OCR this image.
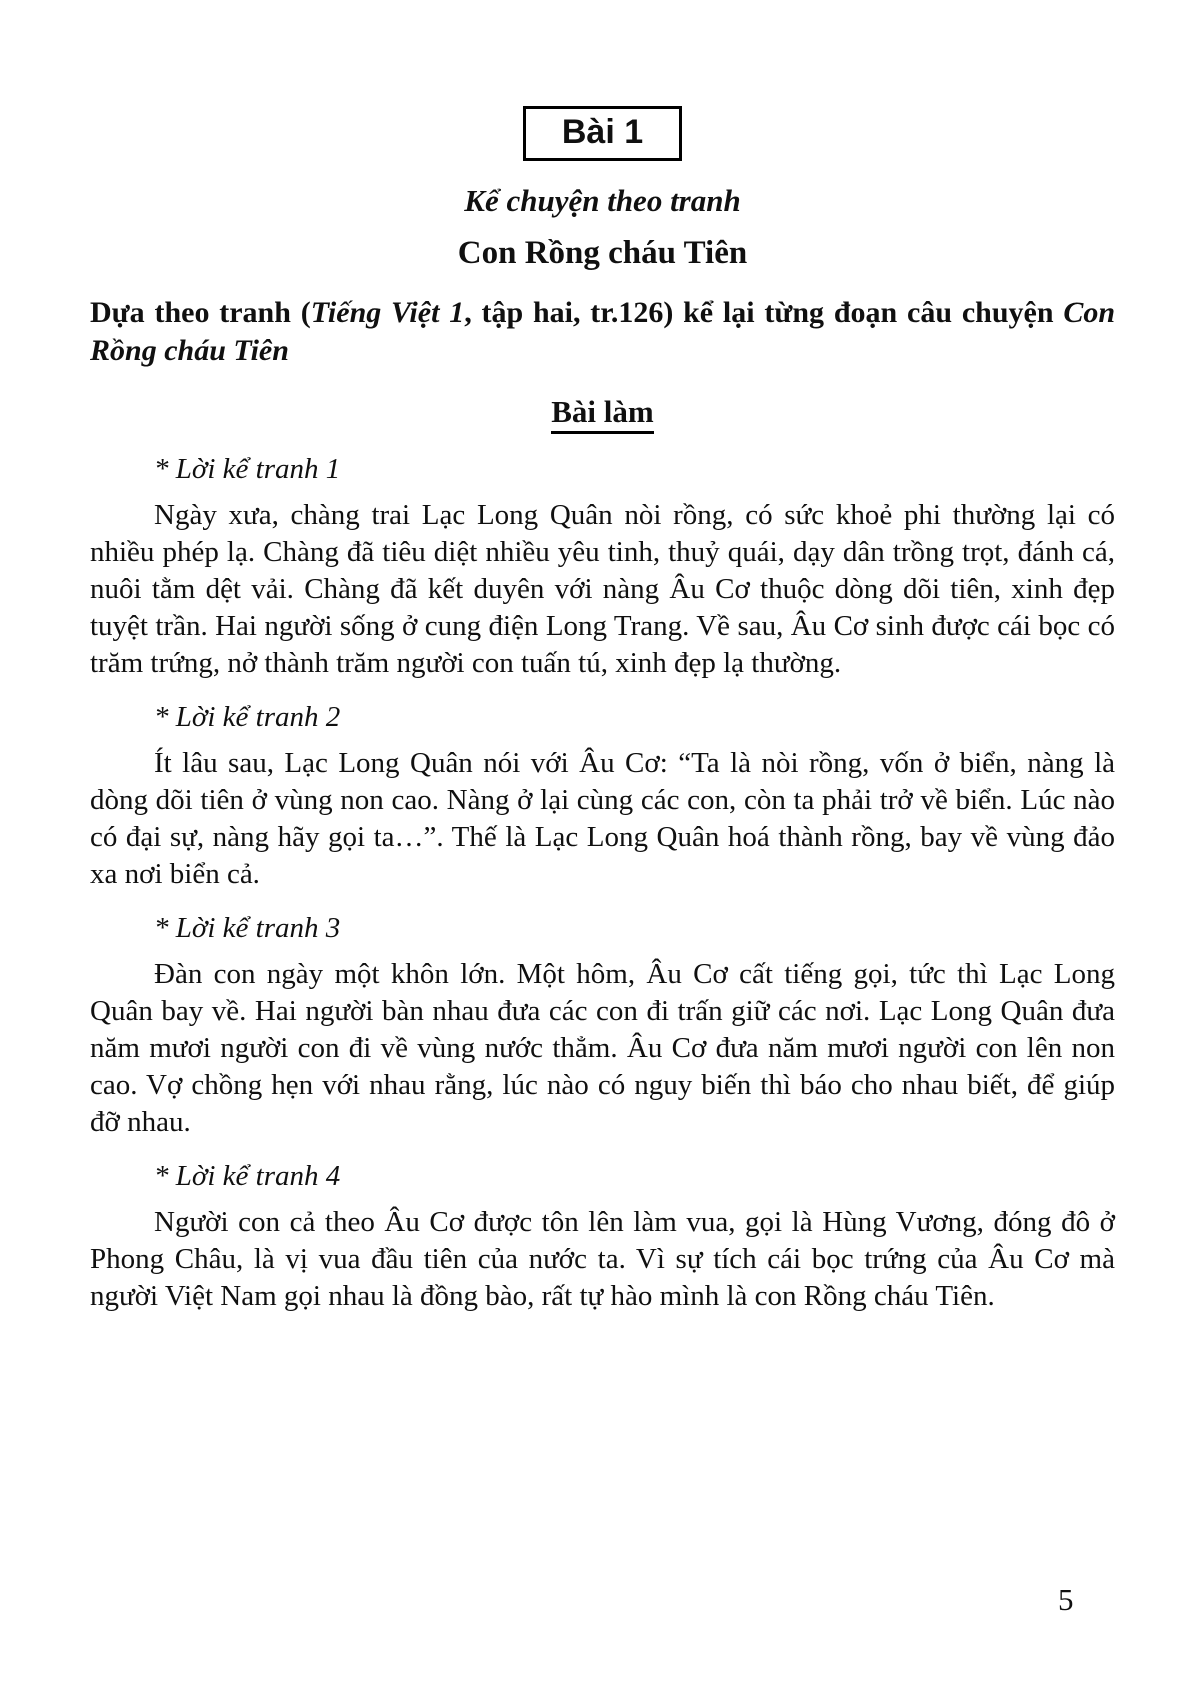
Bài 1
Kể chuyện theo tranh
Con Rồng cháu Tiên

Dựa theo tranh (Tiếng Việt 1, tập hai, tr.126) kể lại từng đoạn câu chuyện Con Rồng cháu Tiên

Bài làm

* Lời kể tranh 1

Ngày xưa, chàng trai Lạc Long Quân nòi rồng, có sức khoẻ phi thường lại có nhiều phép lạ. Chàng đã tiêu diệt nhiều yêu tinh, thuỷ quái, dạy dân trồng trọt, đánh cá, nuôi tằm dệt vải. Chàng đã kết duyên với nàng Âu Cơ thuộc dòng dõi tiên, xinh đẹp tuyệt trần. Hai người sống ở cung điện Long Trang. Về sau, Âu Cơ sinh được cái bọc có trăm trứng, nở thành trăm người con tuấn tú, xinh đẹp lạ thường.

* Lời kể tranh 2

Ít lâu sau, Lạc Long Quân nói với Âu Cơ: “Ta là nòi rồng, vốn ở biển, nàng là dòng dõi tiên ở vùng non cao. Nàng ở lại cùng các con, còn ta phải trở về biển. Lúc nào có đại sự, nàng hãy gọi ta…”. Thế là Lạc Long Quân hoá thành rồng, bay về vùng đảo xa nơi biển cả.

* Lời kể tranh 3

Đàn con ngày một khôn lớn. Một hôm, Âu Cơ cất tiếng gọi, tức thì Lạc Long Quân bay về. Hai người bàn nhau đưa các con đi trấn giữ các nơi. Lạc Long Quân đưa năm mươi người con đi về vùng nước thẳm. Âu Cơ đưa năm mươi người con lên non cao. Vợ chồng hẹn với nhau rằng, lúc nào có nguy biến thì báo cho nhau biết, để giúp đỡ nhau.

* Lời kể tranh 4

Người con cả theo Âu Cơ được tôn lên làm vua, gọi là Hùng Vương, đóng đô ở Phong Châu, là vị vua đầu tiên của nước ta. Vì sự tích cái bọc trứng của Âu Cơ mà người Việt Nam gọi nhau là đồng bào, rất tự hào mình là con Rồng cháu Tiên.

5
